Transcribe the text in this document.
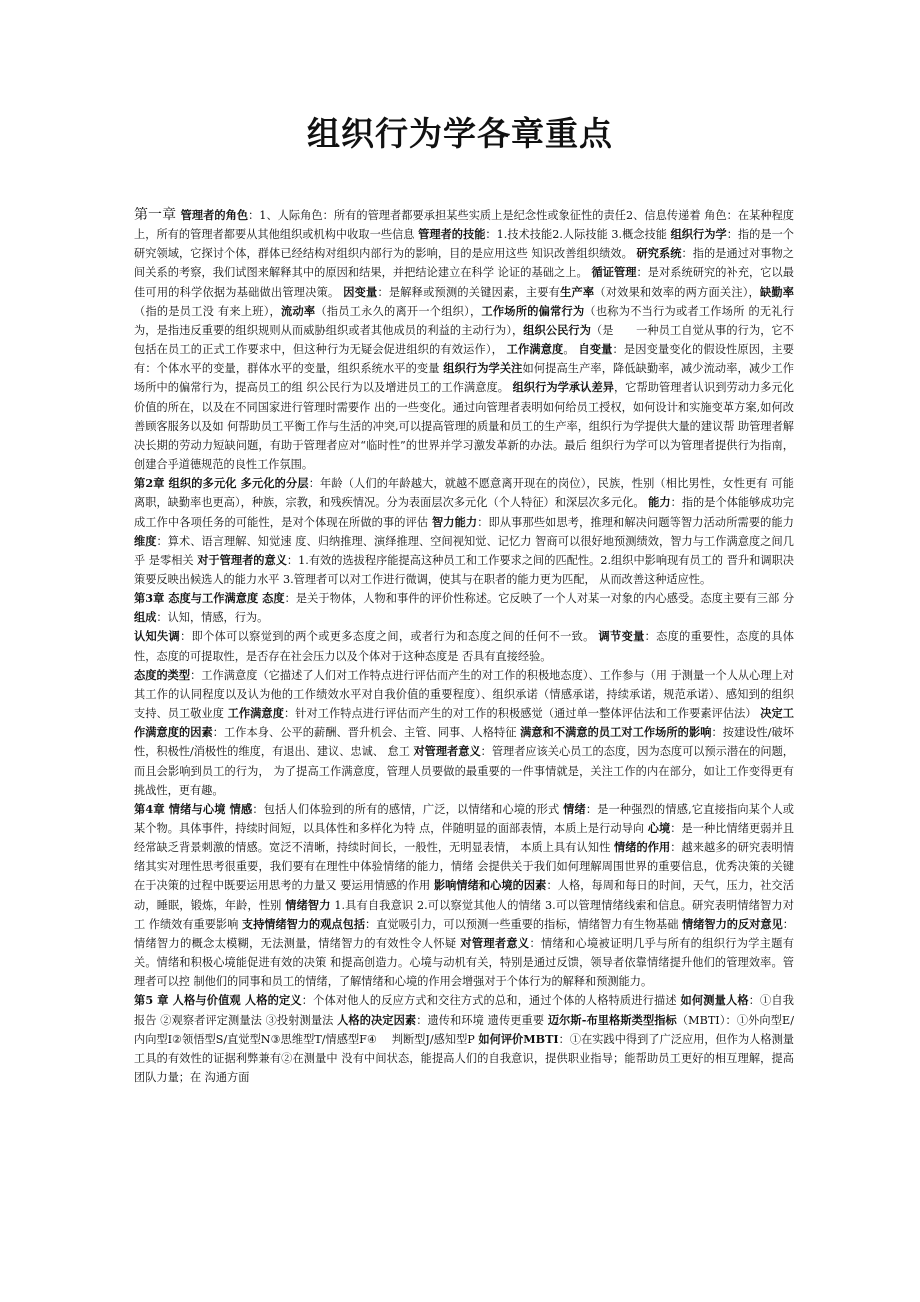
组织行为学各章重点

第一章 管理者的角色：1、人际角色：所有的管理者都要承担某些实质上是纪念性或象征性的责任2、信息传递着 角色：在某种程度上，所有的管理者都要从其他组织或机构中收取一些信息 管理者的技能：1.技术技能2.人际技能 3.概念技能 组织行为学：指的是一个研究领域，它探讨个体，群体已经结构对组织内部行为的影响，目的是应用这些 知识改善组织绩效。 研究系统：指的是通过对事物之间关系的考察，我们试图来解释其中的原因和结果，并把结论建立在科学 论证的基础之上。 循证管理：是对系统研究的补充，它以最佳可用的科学依据为基础做出管理决策。 因变量：是解释或预测的关键因素，主要有生产率（对效果和效率的两方面关注），缺勤率（指的是员工没 有来上班），流动率（指员工永久的离开一个组织），工作场所的偏常行为（也称为不当行为或者工作场所 的无礼行为，是指违反重要的组织规则从而威胁组织或者其他成员的利益的主动行为），组织公民行为（是　　一种员工自觉从事的行为，它不包括在员工的正式工作要求中，但这种行为无疑会促进组织的有效运作）， 工作满意度。 自变量：是因变量变化的假设性原因，主要有：个体水平的变量，群体水平的变量，组织系统水平的变量 组织行为学关注如何提高生产率，降低缺勤率，减少流动率，减少工作场所中的偏常行为，提高员工的组 织公民行为以及增进员工的工作满意度。 组织行为学承认差异，它帮助管理者认识到劳动力多元化价值的所在，以及在不同国家进行管理时需要作 出的一些变化。通过向管理者表明如何给员工授权，如何设计和实施变革方案,如何改善顾客服务以及如 何帮助员工平衡工作与生活的冲突,可以提高管理的质量和员工的生产率，组织行为学提供大量的建议帮 助管理者解决长期的劳动力短缺问题，有助于管理者应对“临时性”的世界并学习激发革新的办法。最后 组织行为学可以为管理者提供行为指南，创建合乎道德规范的良性工作氛围。

第2章 组织的多元化 多元化的分层：年龄（人们的年龄越大，就越不愿意离开现在的岗位），民族，性别（相比男性，女性更有 可能离职，缺勤率也更高），种族，宗教，和残疾情况。分为表面层次多元化（个人特征）和深层次多元化。 能力：指的是个体能够成功完成工作中各项任务的可能性，是对个体现在所做的事的评估 智力能力：即从事那些如思考，推理和解决问题等智力活动所需要的能力 维度：算术、语言理解、知觉速 度、归纳推理、演绎推理、空间视知觉、记忆力 智商可以很好地预测绩效，智力与工作满意度之间几乎 是零相关 对于管理者的意义：1.有效的选拔程序能提高这种员工和工作要求之间的匹配性。2.组织中影响现有员工的 晋升和调职决策要反映出候选人的能力水平 3.管理者可以对工作进行微调，使其与在职者的能力更为匹配， 从而改善这种适应性。

第3章 态度与工作满意度 态度：是关于物体，人物和事件的评价性称述。它反映了一个人对某一对象的内心感受。态度主要有三部 分组成：认知，情感，行为。

认知失调：即个体可以察觉到的两个或更多态度之间，或者行为和态度之间的任何不一致。 调节变量：态度的重要性，态度的具体性，态度的可提取性，是否存在社会压力以及个体对于这种态度是 否具有直接经验。

态度的类型：工作满意度（它描述了人们对工作特点进行评估而产生的对工作的积极地态度）、工作参与（用 于测量一个人从心理上对其工作的认同程度以及认为他的工作绩效水平对自我价值的重要程度）、组织承诺（情感承诺，持续承诺，规范承诺）、感知到的组织支持、员工敬业度 工作满意度：针对工作特点进行评估而产生的对工作的积极感觉（通过单一整体评估法和工作要素评估法） 决定工作满意度的因素：工作本身、公平的薪酬、晋升机会、主管、同事、人格特征 满意和不满意的员工对工作场所的影响：按建设性/破坏性，积极性/消极性的维度，有退出、建议、忠诚、 怠工 对管理者意义：管理者应该关心员工的态度，因为态度可以预示潜在的问题，而且会影响到员工的行为， 为了提高工作满意度，管理人员要做的最重要的一件事情就是，关注工作的内在部分，如让工作变得更有 挑战性，更有趣。

第4章 情绪与心境 情感：包括人们体验到的所有的感情，广泛，以情绪和心境的形式 情绪：是一种强烈的情感,它直接指向某个人或某个物。具体事件，持续时间短，以具体性和多样化为特 点，伴随明显的面部表情，本质上是行动导向 心境：是一种比情绪更弱并且经常缺乏背景刺激的情感。宽泛不清晰，持续时间长，一般性，无明显表情， 本质上具有认知性 情绪的作用：越来越多的研究表明情绪其实对理性思考很重要，我们要有在理性中体验情绪的能力，情绪 会提供关于我们如何理解周围世界的重要信息，优秀决策的关键在于决策的过程中既要运用思考的力量又 要运用情感的作用 影响情绪和心境的因素：人格，每周和每日的时间，天气，压力，社交活动，睡眠，锻炼，年龄，性别 情绪智力 1.具有自我意识 2.可以察觉其他人的情绪 3.可以管理情绪线索和信息。研究表明情绪智力对工 作绩效有重要影响 支持情绪智力的观点包括：直觉吸引力，可以预测一些重要的指标，情绪智力有生物基础 情绪智力的反对意见：情绪智力的概念太模糊，无法测量，情绪智力的有效性令人怀疑 对管理者意义：情绪和心境被证明几乎与所有的组织行为学主题有关。情绪和积极心境能促进有效的决策 和提高创造力。心境与动机有关，特别是通过反馈，领导者依靠情绪提升他们的管理效率。管理者可以控 制他们的同事和员工的情绪，了解情绪和心境的作用会增强对于个体行为的解释和预测能力。

第5 章 人格与价值观 人格的定义：个体对他人的反应方式和交往方式的总和，通过个体的人格特质进行描述 如何测量人格：①自我报告 ②观察者评定测量法 ③投射测量法 人格的决定因素：遗传和环境 遗传更重要 迈尔斯-布里格斯类型指标（MBTI）：①外向型E/内向型I②领悟型S/直觉型N③思维型T/情感型F④　 判断型J/感知型P 如何评价MBTI：①在实践中得到了广泛应用，但作为人格测量工具的有效性的证据利弊兼有②在测量中 没有中间状态，能提高人们的自我意识，提供职业指导；能帮助员工更好的相互理解，提高团队力量；在 沟通方面
